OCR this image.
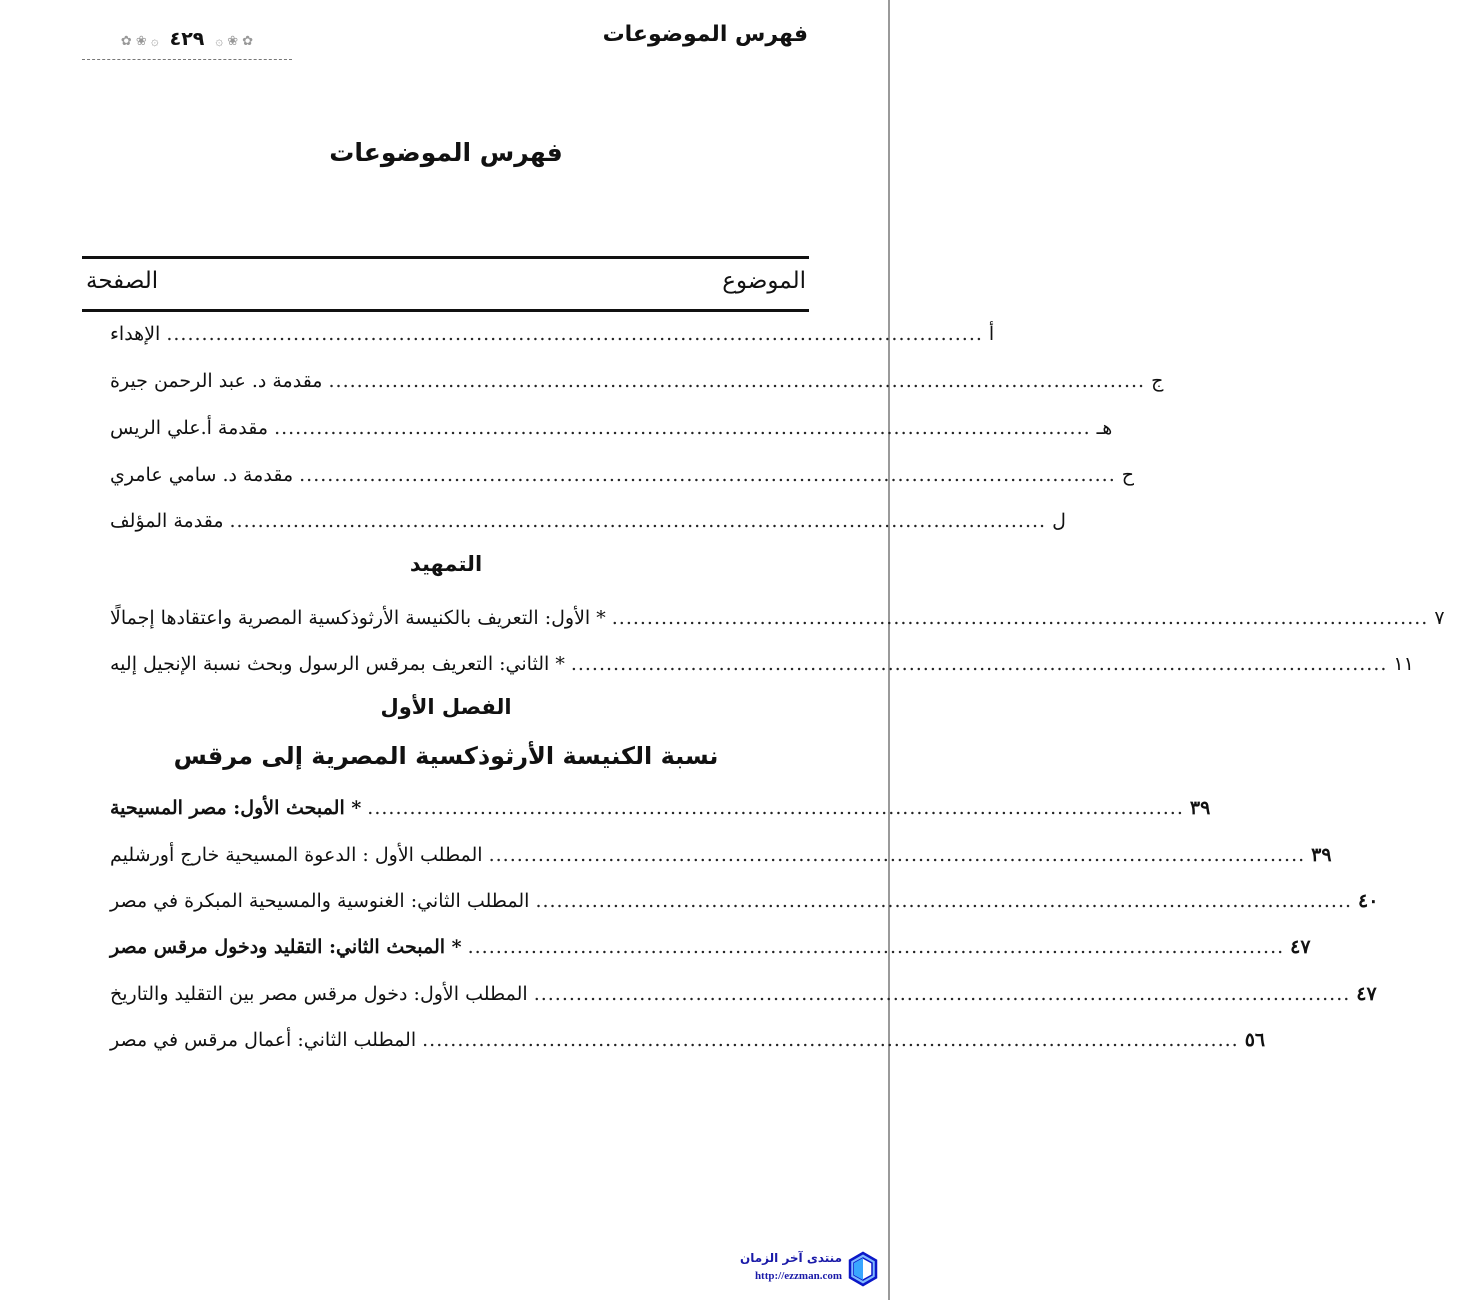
فهرس الموضوعات
✿ ❀ ۞ ٤٢٩ ۞ ❀ ✿
فهرس الموضوعات
الموضوع
الصفحة
الإهداء .................................................................................................................... أ
مقدمة د. عبد الرحمن جيرة .................................................................................................................... ج
مقدمة أ.علي الريس .................................................................................................................... هـ
مقدمة د. سامي عامري .................................................................................................................... ح
مقدمة المؤلف .................................................................................................................... ل
التمهيد
* الأول: التعريف بالكنيسة الأرثوذكسية المصرية واعتقادها إجمالًا .................................................................................................................... ٧
* الثاني: التعريف بمرقس الرسول وبحث نسبة الإنجيل إليه .................................................................................................................... ١١
الفصل الأول
نسبة الكنيسة الأرثوذكسية المصرية إلى مرقس
* المبحث الأول: مصر المسيحية .................................................................................................................... ٣٩
المطلب الأول : الدعوة المسيحية خارج أورشليم .................................................................................................................... ٣٩
المطلب الثاني: الغنوسية والمسيحية المبكرة في مصر .................................................................................................................... ٤٠
* المبحث الثاني: التقليد ودخول مرقس مصر .................................................................................................................... ٤٧
المطلب الأول: دخول مرقس مصر بين التقليد والتاريخ .................................................................................................................... ٤٧
المطلب الثاني: أعمال مرقس في مصر .................................................................................................................... ٥٦
منتدى آخر الزمان
http://ezzman.com
